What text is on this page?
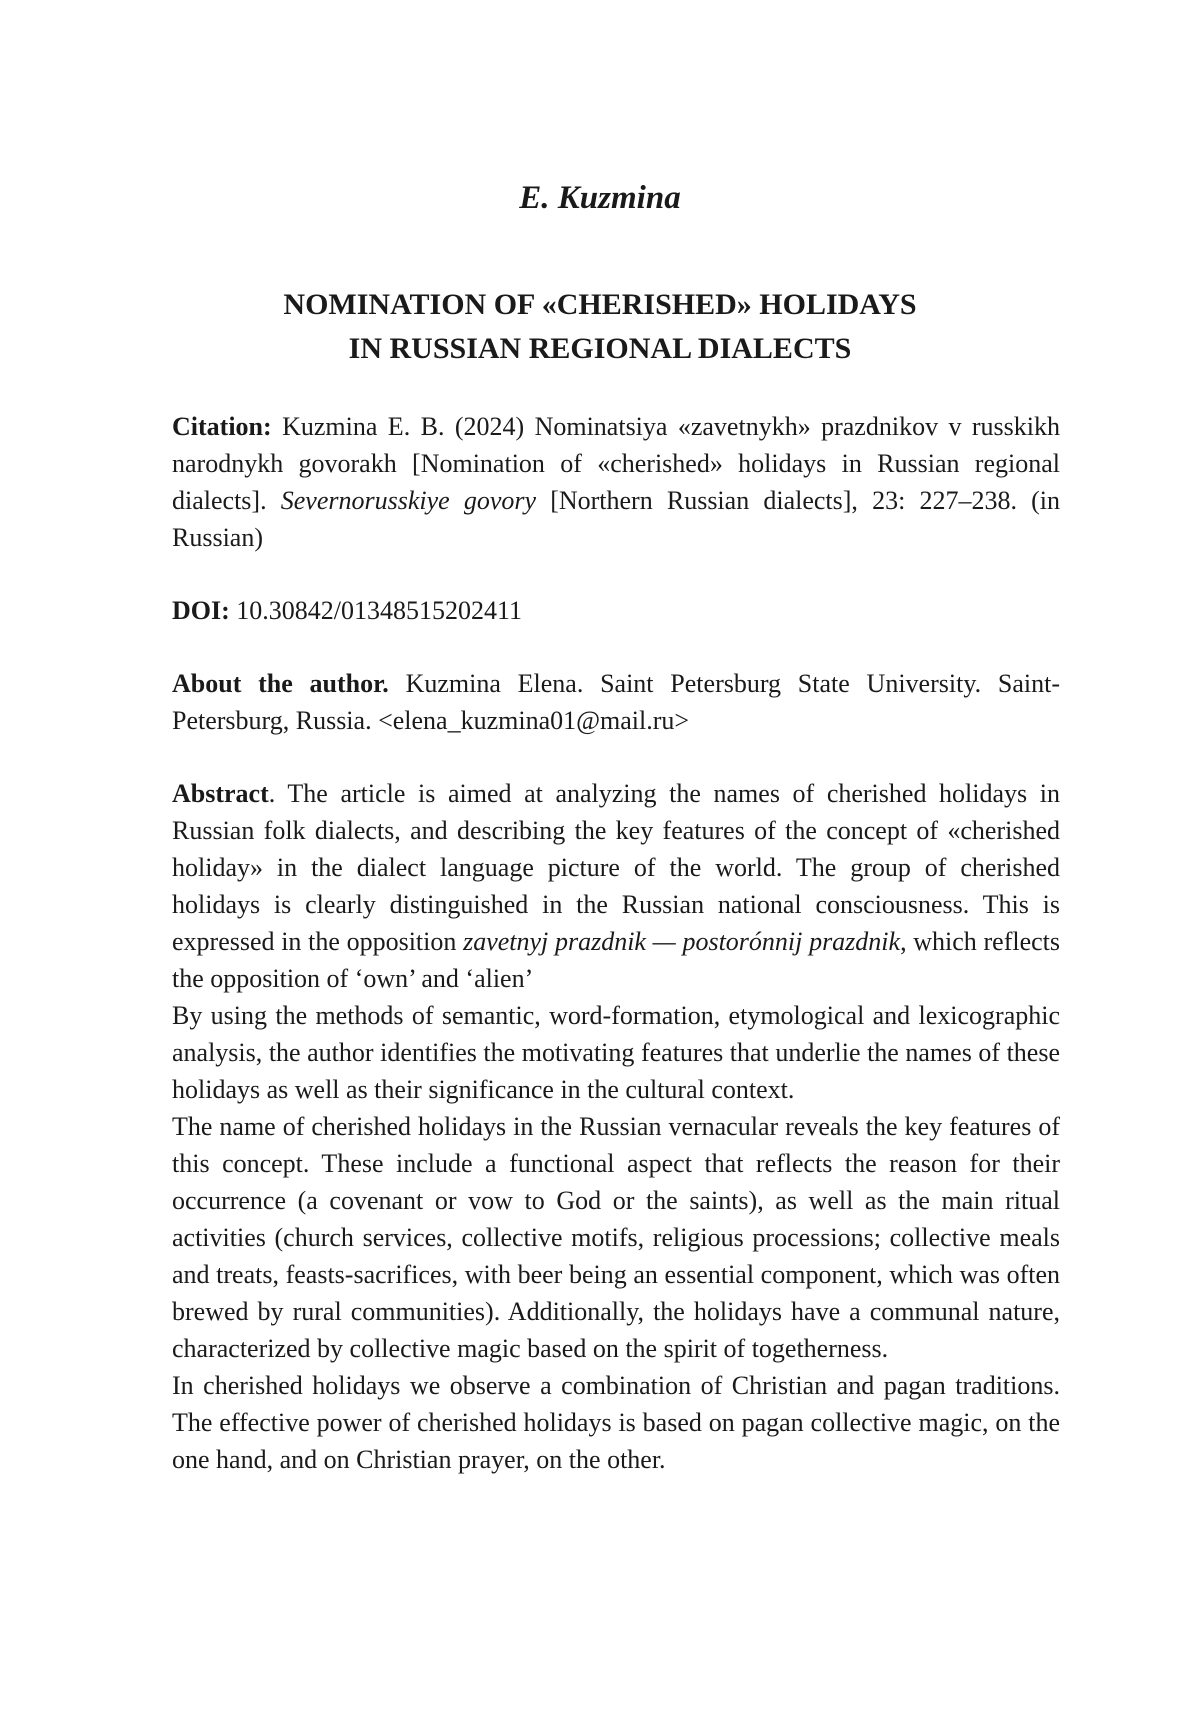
E. Kuzmina
NOMINATION OF «CHERISHED» HOLIDAYS
IN RUSSIAN REGIONAL DIALECTS

Citation: Kuzmina E. B. (2024) Nominatsiya «zavetnykh» prazdnikov v russkikh narodnykh govorakh [Nomination of «cherished» holidays in Russian regional dialects]. Severnorusskiye govory [Northern Russian dialects], 23: 227–238. (in Russian)

DOI: 10.30842/01348515202411

About the author. Kuzmina Elena. Saint Petersburg State University. Saint-Petersburg, Russia. <elena_kuzmina01@mail.ru>

Abstract. The article is aimed at analyzing the names of cherished holidays in Russian folk dialects, and describing the key features of the concept of «cherished holiday» in the dialect language picture of the world. The group of cherished holidays is clearly distinguished in the Russian national consciousness. This is expressed in the opposition zavetnyj prazdnik — postorónnij prazdnik, which reflects the opposition of ‘own’ and ‘alien’

By using the methods of semantic, word-formation, etymological and lexicographic analysis, the author identifies the motivating features that underlie the names of these holidays as well as their significance in the cultural context.

The name of cherished holidays in the Russian vernacular reveals the key features of this concept. These include a functional aspect that reflects the reason for their occurrence (a covenant or vow to God or the saints), as well as the main ritual activities (church services, collective motifs, religious processions; collective meals and treats, feasts-sacrifices, with beer being an essential component, which was often brewed by rural communities). Additionally, the holidays have a communal nature, characterized by collective magic based on the spirit of togetherness.

In cherished holidays we observe a combination of Christian and pagan traditions. The effective power of cherished holidays is based on pagan collective magic, on the one hand, and on Christian prayer, on the other.
